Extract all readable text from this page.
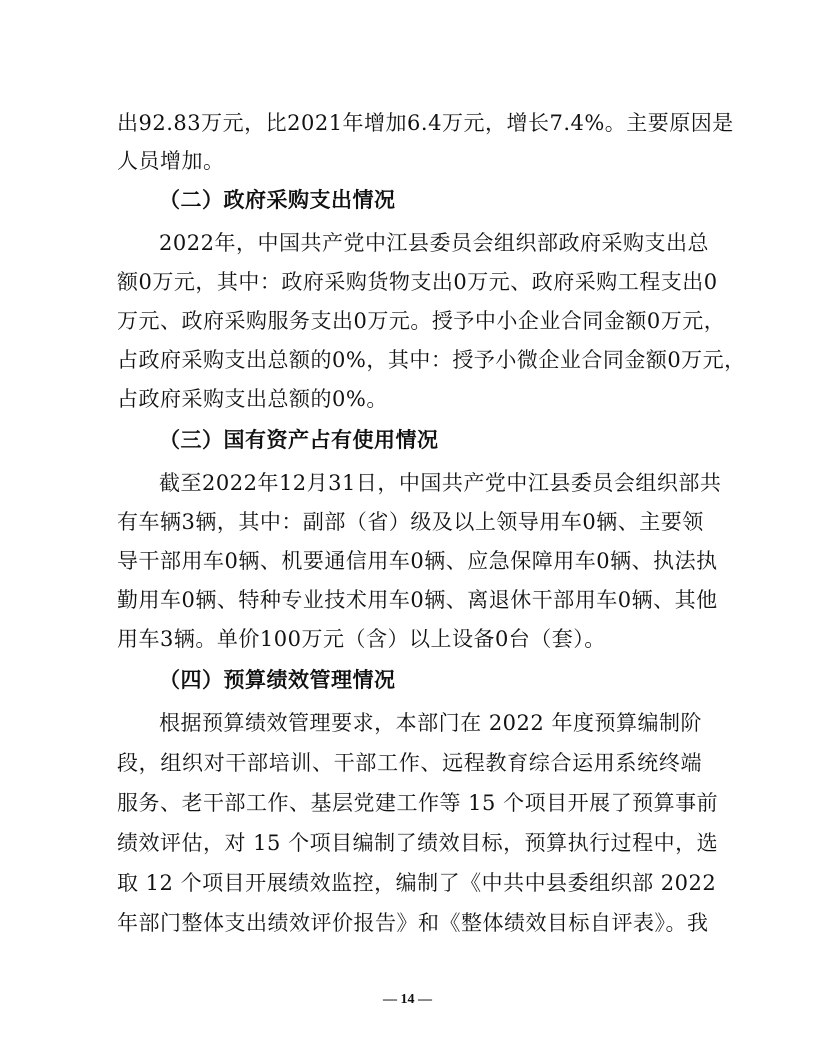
出92.83万元，比2021年增加6.4万元，增长7.4%。主要原因是
人员增加。
（二）政府采购支出情况
2022年，中国共产党中江县委员会组织部政府采购支出总
额0万元，其中：政府采购货物支出0万元、政府采购工程支出0
万元、政府采购服务支出0万元。授予中小企业合同金额0万元，
占政府采购支出总额的0%，其中：授予小微企业合同金额0万元，
占政府采购支出总额的0%。
（三）国有资产占有使用情况
截至2022年12月31日，中国共产党中江县委员会组织部共
有车辆3辆，其中：副部（省）级及以上领导用车0辆、主要领
导干部用车0辆、机要通信用车0辆、应急保障用车0辆、执法执
勤用车0辆、特种专业技术用车0辆、离退休干部用车0辆、其他
用车3辆。单价100万元（含）以上设备0台（套）。
（四）预算绩效管理情况
根据预算绩效管理要求，本部门在 2022 年度预算编制阶
段，组织对干部培训、干部工作、远程教育综合运用系统终端
服务、老干部工作、基层党建工作等 15 个项目开展了预算事前
绩效评估，对 15 个项目编制了绩效目标，预算执行过程中，选
取 12 个项目开展绩效监控，编制了《中共中县委组织部 2022
年部门整体支出绩效评价报告》和《整体绩效目标自评表》。我
— 14 —
